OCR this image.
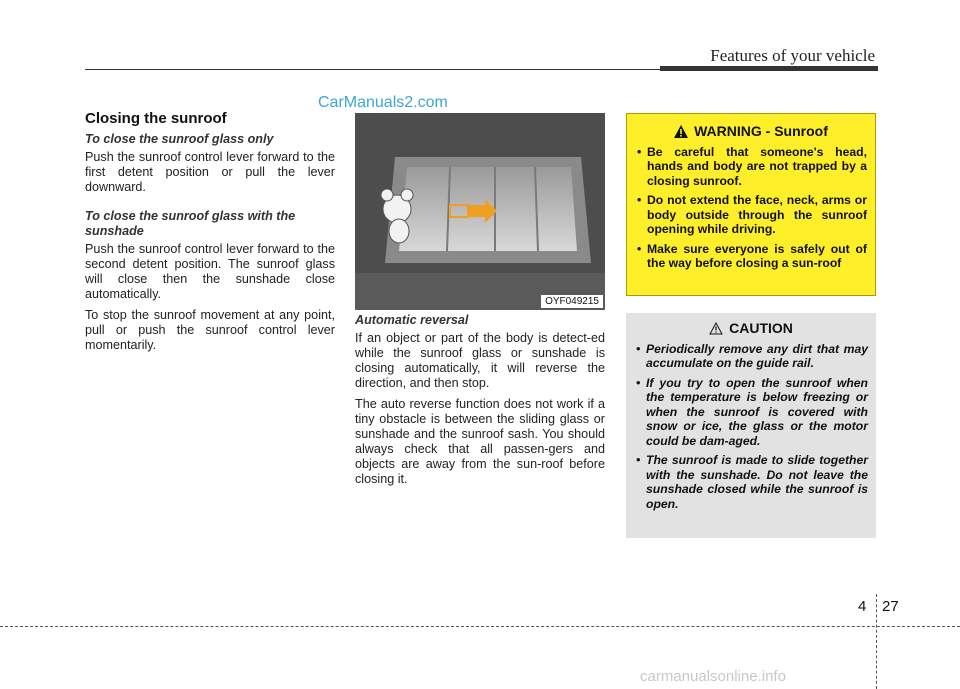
Features of your vehicle
CarManuals2.com
Closing the sunroof
To close the sunroof glass only

Push the sunroof control lever forward to the first detent position or pull the lever downward.

To close the sunroof glass with the sunshade

Push the sunroof control lever forward to the second detent position. The sunroof glass will close then the sunshade close automatically.

To stop the sunroof movement at any point, pull or push the sunroof control lever momentarily.

OYF049215
Automatic reversal

If an object or part of the body is detect-ed while the sunroof glass or sunshade is closing automatically, it will reverse the direction, and then stop.

The auto reverse function does not work if a tiny obstacle is between the sliding glass or sunshade and the sunroof sash. You should always check that all passen-gers and objects are away from the sun-roof before closing it.

WARNING - Sunroof
• Be careful that someone's head, hands and body are not trapped by a closing sunroof.
• Do not extend the face, neck, arms or body outside through the sunroof opening while driving.
• Make sure everyone is safely out of the way before closing a sun-roof
CAUTION
• Periodically remove any dirt that may accumulate on the guide rail.
• If you try to open the sunroof when the temperature is below freezing or when the sunroof is covered with snow or ice, the glass or the motor could be dam-aged.
• The sunroof is made to slide together with the sunshade. Do not leave the sunshade closed while the sunroof is open.
4 27
carmanualsonline.info
